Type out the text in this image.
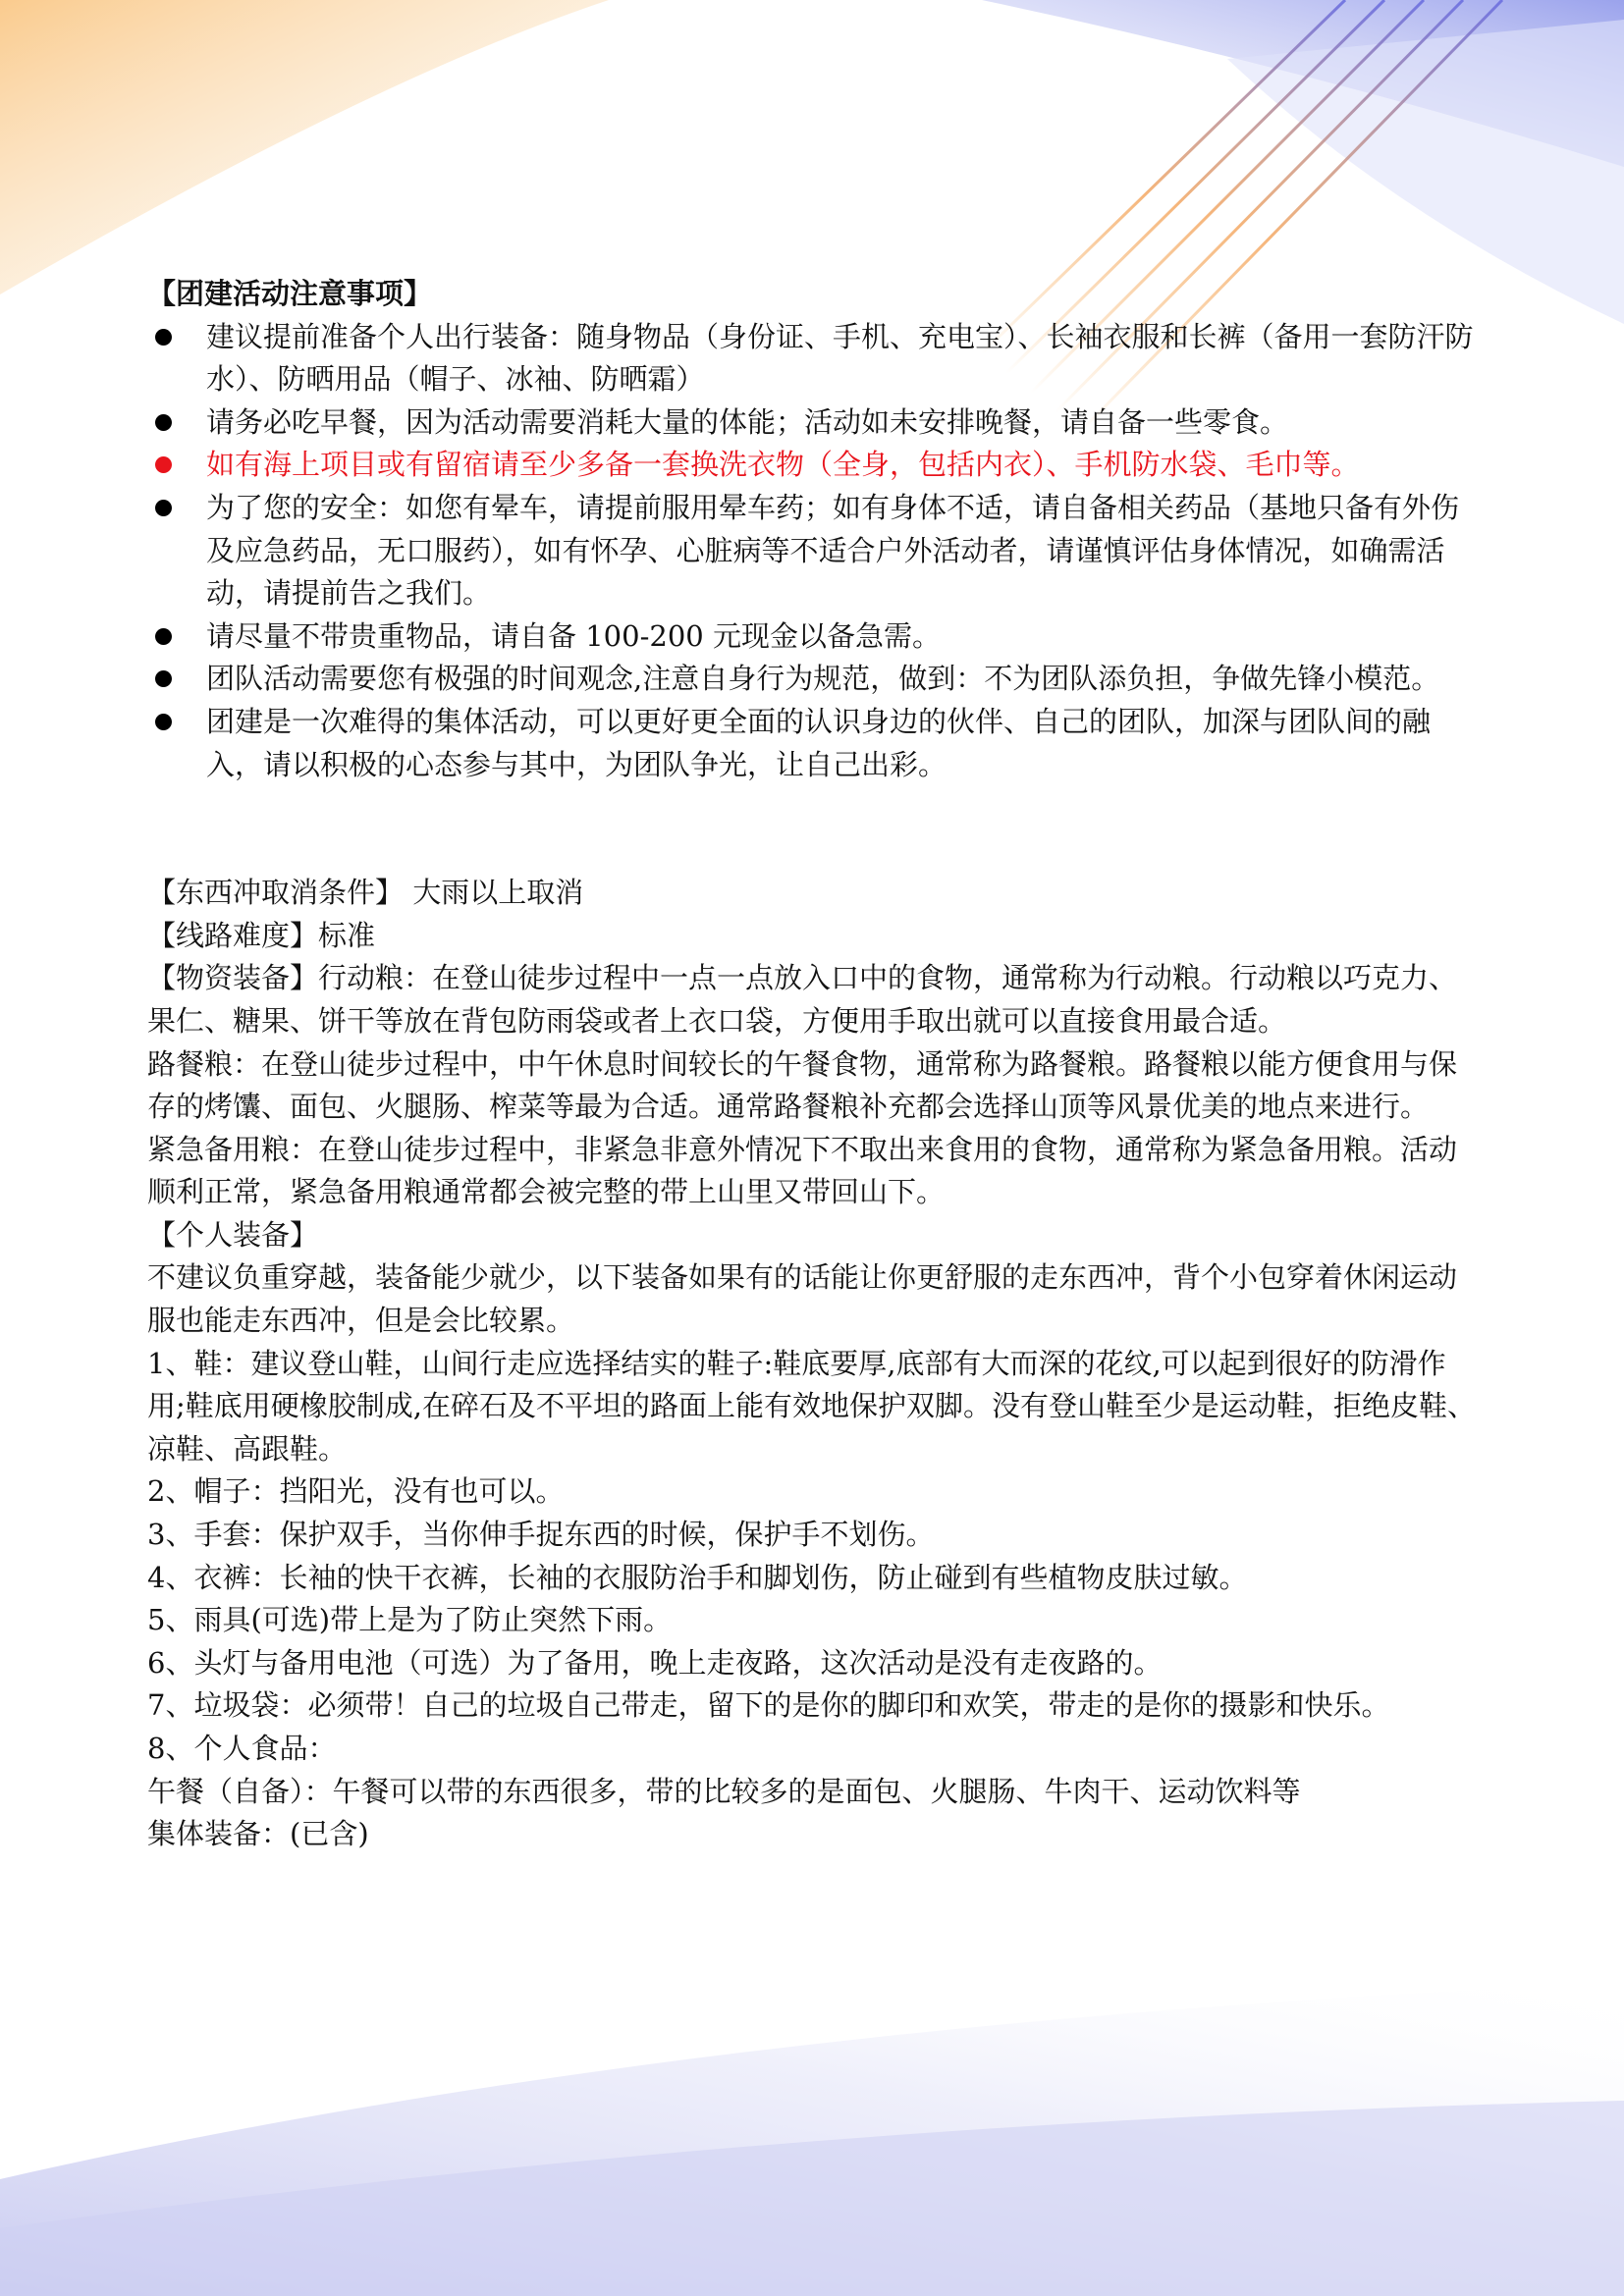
【团建活动注意事项】
建议提前准备个人出行装备：随身物品（身份证、手机、充电宝）、长袖衣服和长裤（备用一套防汗防水）、防晒用品（帽子、冰袖、防晒霜）
请务必吃早餐，因为活动需要消耗大量的体能；活动如未安排晚餐，请自备一些零食。
如有海上项目或有留宿请至少多备一套换洗衣物（全身，包括内衣）、手机防水袋、毛巾等。
为了您的安全：如您有晕车，请提前服用晕车药；如有身体不适，请自备相关药品（基地只备有外伤及应急药品，无口服药），如有怀孕、心脏病等不适合户外活动者，请谨慎评估身体情况，如确需活动，请提前告之我们。
请尽量不带贵重物品，请自备 100-200 元现金以备急需。
团队活动需要您有极强的时间观念,注意自身行为规范，做到：不为团队添负担，争做先锋小模范。
团建是一次难得的集体活动，可以更好更全面的认识身边的伙伴、自己的团队，加深与团队间的融入，请以积极的心态参与其中，为团队争光，让自己出彩。

【东西冲取消条件】 大雨以上取消

【线路难度】标准

【物资装备】行动粮：在登山徒步过程中一点一点放入口中的食物，通常称为行动粮。行动粮以巧克力、果仁、糖果、饼干等放在背包防雨袋或者上衣口袋，方便用手取出就可以直接食用最合适。

路餐粮：在登山徒步过程中，中午休息时间较长的午餐食物，通常称为路餐粮。路餐粮以能方便食用与保存的烤馕、面包、火腿肠、榨菜等最为合适。通常路餐粮补充都会选择山顶等风景优美的地点来进行。

紧急备用粮：在登山徒步过程中，非紧急非意外情况下不取出来食用的食物，通常称为紧急备用粮。活动顺利正常，紧急备用粮通常都会被完整的带上山里又带回山下。

【个人装备】

不建议负重穿越，装备能少就少，以下装备如果有的话能让你更舒服的走东西冲，背个小包穿着休闲运动服也能走东西冲，但是会比较累。

1、鞋：建议登山鞋，山间行走应选择结实的鞋子:鞋底要厚,底部有大而深的花纹,可以起到很好的防滑作用;鞋底用硬橡胶制成,在碎石及不平坦的路面上能有效地保护双脚。没有登山鞋至少是运动鞋，拒绝皮鞋、凉鞋、高跟鞋。

2、帽子：挡阳光，没有也可以。

3、手套：保护双手，当你伸手捉东西的时候，保护手不划伤。

4、衣裤：长袖的快干衣裤，长袖的衣服防治手和脚划伤，防止碰到有些植物皮肤过敏。

5、雨具(可选)带上是为了防止突然下雨。

6、头灯与备用电池（可选）为了备用，晚上走夜路，这次活动是没有走夜路的。

7、垃圾袋：必须带！自己的垃圾自己带走，留下的是你的脚印和欢笑，带走的是你的摄影和快乐。

8、个人食品：

午餐（自备）：午餐可以带的东西很多，带的比较多的是面包、火腿肠、牛肉干、运动饮料等

集体装备：(已含)
